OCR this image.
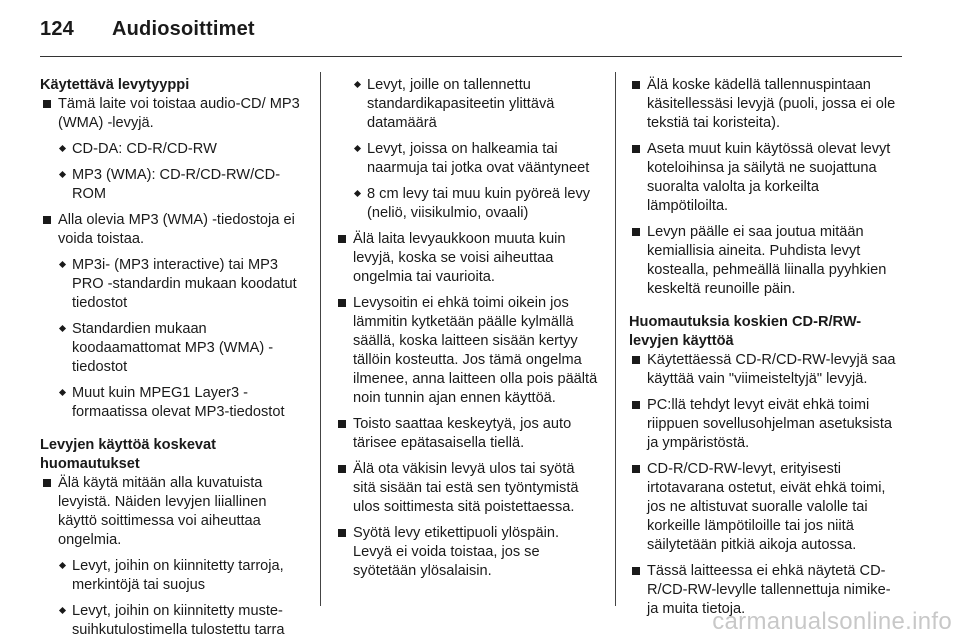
124 Audiosoittimet
Käytettävä levytyyppi
Tämä laite voi toistaa audio-CD/ MP3 (WMA) -levyjä.
CD-DA: CD-R/CD-RW
MP3 (WMA): CD-R/CD-RW/CD-ROM
Alla olevia MP3 (WMA) -tiedostoja ei voida toistaa.
MP3i- (MP3 interactive) tai MP3 PRO -standardin mukaan koodatut tiedostot
Standardien mukaan koodaamattomat MP3 (WMA) -tiedostot
Muut kuin MPEG1 Layer3 -formaatissa olevat MP3-tiedostot
Levyjen käyttöä koskevat huomautukset
Älä käytä mitään alla kuvatuista levyistä. Näiden levyjen liiallinen käyttö soittimessa voi aiheuttaa ongelmia.
Levyt, joihin on kiinnitetty tarroja, merkintöjä tai suojus
Levyt, joihin on kiinnitetty muste-suihkutulostimella tulostettu tarra
Levyt, joille on tallennettu standardikapasiteetin ylittävä datamäärä
Levyt, joissa on halkeamia tai naarmuja tai jotka ovat vääntyneet
8 cm levy tai muu kuin pyöreä levy (neliö, viisikulmio, ovaali)
Älä laita levyaukkoon muuta kuin levyjä, koska se voisi aiheuttaa ongelmia tai vaurioita.
Levysoitin ei ehkä toimi oikein jos lämmitin kytketään päälle kylmällä säällä, koska laitteen sisään kertyy tällöin kosteutta. Jos tämä ongelma ilmenee, anna laitteen olla pois päältä noin tunnin ajan ennen käyttöä.
Toisto saattaa keskeytyä, jos auto tärisee epätasaisella tiellä.
Älä ota väkisin levyä ulos tai syötä sitä sisään tai estä sen työntymistä ulos soittimesta sitä poistettaessa.
Syötä levy etikettipuoli ylöspäin. Levyä ei voida toistaa, jos se syötetään ylösalaisin.
Älä koske kädellä tallennuspintaan käsitellessäsi levyjä (puoli, jossa ei ole tekstiä tai koristeita).
Aseta muut kuin käytössä olevat levyt koteloihinsa ja säilytä ne suojattuna suoralta valolta ja korkeilta lämpötiloilta.
Levyn päälle ei saa joutua mitään kemiallisia aineita. Puhdista levyt kostealla, pehmeällä liinalla pyyhkien keskeltä reunoille päin.
Huomautuksia koskien CD-R/RW-levyjen käyttöä
Käytettäessä CD-R/CD-RW-levyjä saa käyttää vain "viimeisteltyjä" levyjä.
PC:llä tehdyt levyt eivät ehkä toimi riippuen sovellusohjelman asetuksista ja ympäristöstä.
CD-R/CD-RW-levyt, erityisesti irtotavarana ostetut, eivät ehkä toimi, jos ne altistuvat suoralle valolle tai korkeille lämpötiloille tai jos niitä säilytetään pitkiä aikoja autossa.
Tässä laitteessa ei ehkä näytetä CD-R/CD-RW-levylle tallennettuja nimike- ja muita tietoja.
carmanualsonline.info
